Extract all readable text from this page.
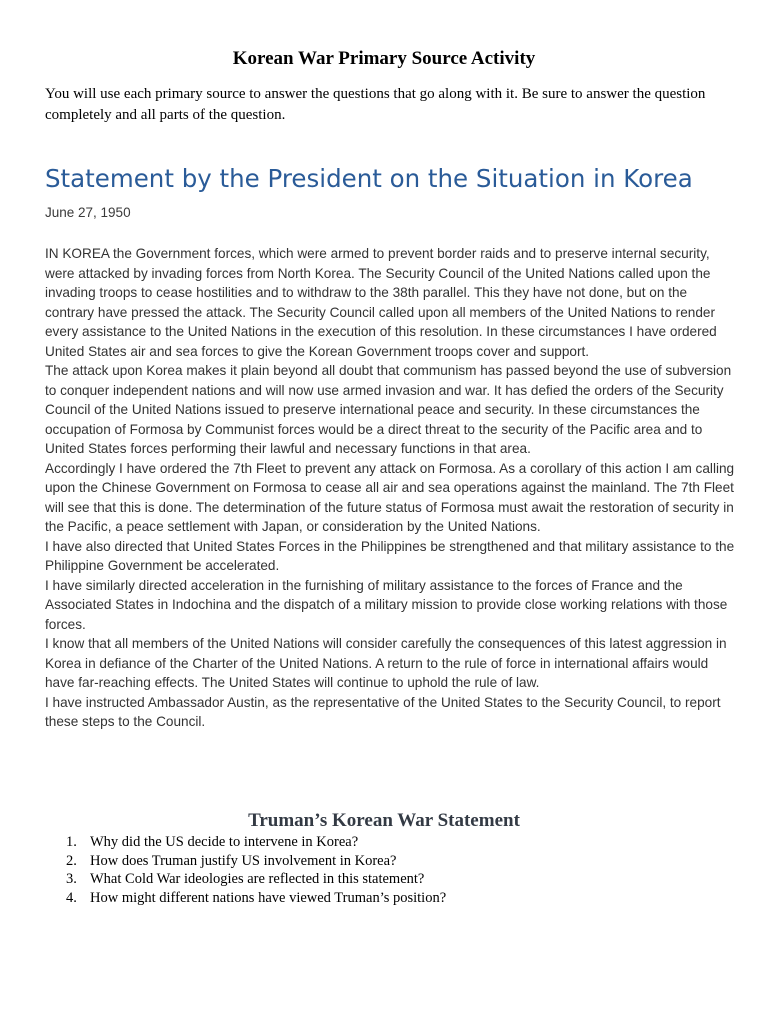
Korean War Primary Source Activity

You will use each primary source to answer the questions that go along with it. Be sure to answer the question completely and all parts of the question.

Statement by the President on the Situation in Korea

June 27, 1950

IN KOREA the Government forces, which were armed to prevent border raids and to preserve internal security, were attacked by invading forces from North Korea. The Security Council of the United Nations called upon the invading troops to cease hostilities and to withdraw to the 38th parallel. This they have not done, but on the contrary have pressed the attack. The Security Council called upon all members of the United Nations to render every assistance to the United Nations in the execution of this resolution. In these circumstances I have ordered United States air and sea forces to give the Korean Government troops cover and support.

The attack upon Korea makes it plain beyond all doubt that communism has passed beyond the use of subversion to conquer independent nations and will now use armed invasion and war. It has defied the orders of the Security Council of the United Nations issued to preserve international peace and security. In these circumstances the occupation of Formosa by Communist forces would be a direct threat to the security of the Pacific area and to United States forces performing their lawful and necessary functions in that area.

Accordingly I have ordered the 7th Fleet to prevent any attack on Formosa. As a corollary of this action I am calling upon the Chinese Government on Formosa to cease all air and sea operations against the mainland. The 7th Fleet will see that this is done. The determination of the future status of Formosa must await the restoration of security in the Pacific, a peace settlement with Japan, or consideration by the United Nations.

I have also directed that United States Forces in the Philippines be strengthened and that military assistance to the Philippine Government be accelerated.

I have similarly directed acceleration in the furnishing of military assistance to the forces of France and the Associated States in Indochina and the dispatch of a military mission to provide close working relations with those forces.

I know that all members of the United Nations will consider carefully the consequences of this latest aggression in Korea in defiance of the Charter of the United Nations. A return to the rule of force in international affairs would have far-reaching effects. The United States will continue to uphold the rule of law.

I have instructed Ambassador Austin, as the representative of the United States to the Security Council, to report these steps to the Council.

Truman’s Korean War Statement
1. Why did the US decide to intervene in Korea?
2. How does Truman justify US involvement in Korea?
3. What Cold War ideologies are reflected in this statement?
4. How might different nations have viewed Truman’s position?
